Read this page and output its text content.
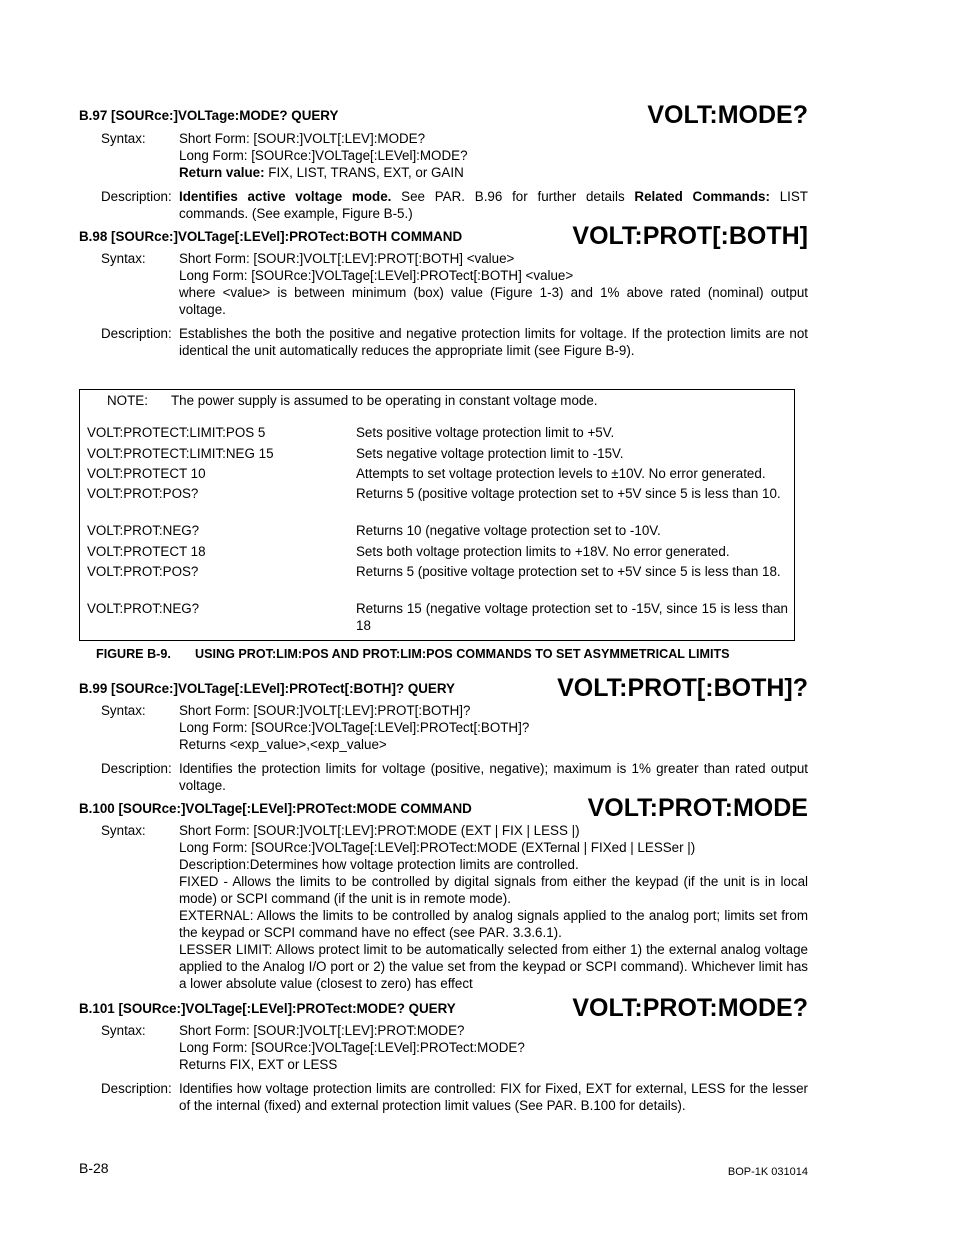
B.97 [SOURce:]VOLTage:MODE? QUERY	VOLT:MODE?
Syntax: Short Form: [SOUR:]VOLT[:LEV]:MODE?

Long Form: [SOURce:]VOLTage[:LEVel]:MODE?

Return value: FIX, LIST, TRANS, EXT, or GAIN

Description: Identifies active voltage mode. See PAR. B.96 for further details Related Commands: LIST commands. (See example, Figure B-5.)
B.98 [SOURce:]VOLTage[:LEVel]:PROTect:BOTH COMMAND	VOLT:PROT[:BOTH]
Syntax: Short Form: [SOUR:]VOLT[:LEV]:PROT[:BOTH] <value>

Long Form: [SOURce:]VOLTage[:LEVel]:PROTect[:BOTH] <value>

where <value> is between minimum (box) value (Figure 1-3) and 1% above rated (nominal) output voltage.

Description: Establishes the both the positive and negative protection limits for voltage. If the protection limits are not identical the unit automatically reduces the appropriate limit (see Figure B-9).
NOTE: The power supply is assumed to be operating in constant voltage mode.
VOLT:PROTECT:LIMIT:POS 5	Sets positive voltage protection limit to +5V.
VOLT:PROTECT:LIMIT:NEG 15	Sets negative voltage protection limit to -15V.
VOLT:PROTECT 10	Attempts to set voltage protection levels to ±10V. No error generated.
VOLT:PROT:POS?	Returns 5 (positive voltage protection set to +5V since 5 is less than 10.
VOLT:PROT:NEG?	Returns 10 (negative voltage protection set to -10V.
VOLT:PROTECT 18	Sets both voltage protection limits to +18V. No error generated.
VOLT:PROT:POS?	Returns 5 (positive voltage protection set to +5V since 5 is less than 18.
VOLT:PROT:NEG?	Returns 15 (negative voltage protection set to -15V, since 15 is less than 18
FIGURE B-9. USING PROT:LIM:POS AND PROT:LIM:POS COMMANDS TO SET ASYMMETRICAL LIMITS
B.99 [SOURce:]VOLTage[:LEVel]:PROTect[:BOTH]? QUERY	VOLT:PROT[:BOTH]?
Syntax: Short Form: [SOUR:]VOLT[:LEV]:PROT[:BOTH]?

Long Form: [SOURce:]VOLTage[:LEVel]:PROTect[:BOTH]?

Returns <exp_value>,<exp_value>

Description: Identifies the protection limits for voltage (positive, negative); maximum is 1% greater than rated output voltage.
B.100 [SOURce:]VOLTage[:LEVel]:PROTect:MODE COMMAND	VOLT:PROT:MODE
Syntax: Short Form: [SOUR:]VOLT[:LEV]:PROT:MODE (EXT | FIX | LESS |)

Long Form: [SOURce:]VOLTage[:LEVel]:PROTect:MODE (EXTernal | FIXed | LESSer |)

Description:Determines how voltage protection limits are controlled.

FIXED - Allows the limits to be controlled by digital signals from either the keypad (if the unit is in local mode) or SCPI command (if the unit is in remote mode).

EXTERNAL: Allows the limits to be controlled by analog signals applied to the analog port; limits set from the keypad or SCPI command have no effect (see PAR. 3.3.6.1).

LESSER LIMIT: Allows protect limit to be automatically selected from either 1) the external analog voltage applied to the Analog I/O port or 2) the value set from the keypad or SCPI command). Whichever limit has a lower absolute value (closest to zero) has effect

B.101 [SOURce:]VOLTage[:LEVel]:PROTect:MODE? QUERY	VOLT:PROT:MODE?
Syntax: Short Form: [SOUR:]VOLT[:LEV]:PROT:MODE?

Long Form: [SOURce:]VOLTage[:LEVel]:PROTect:MODE?

Returns FIX, EXT or LESS

Description: Identifies how voltage protection limits are controlled: FIX for Fixed, EXT for external, LESS for the lesser of the internal (fixed) and external protection limit values (See PAR. B.100 for details).
B-28	BOP-1K 031014
